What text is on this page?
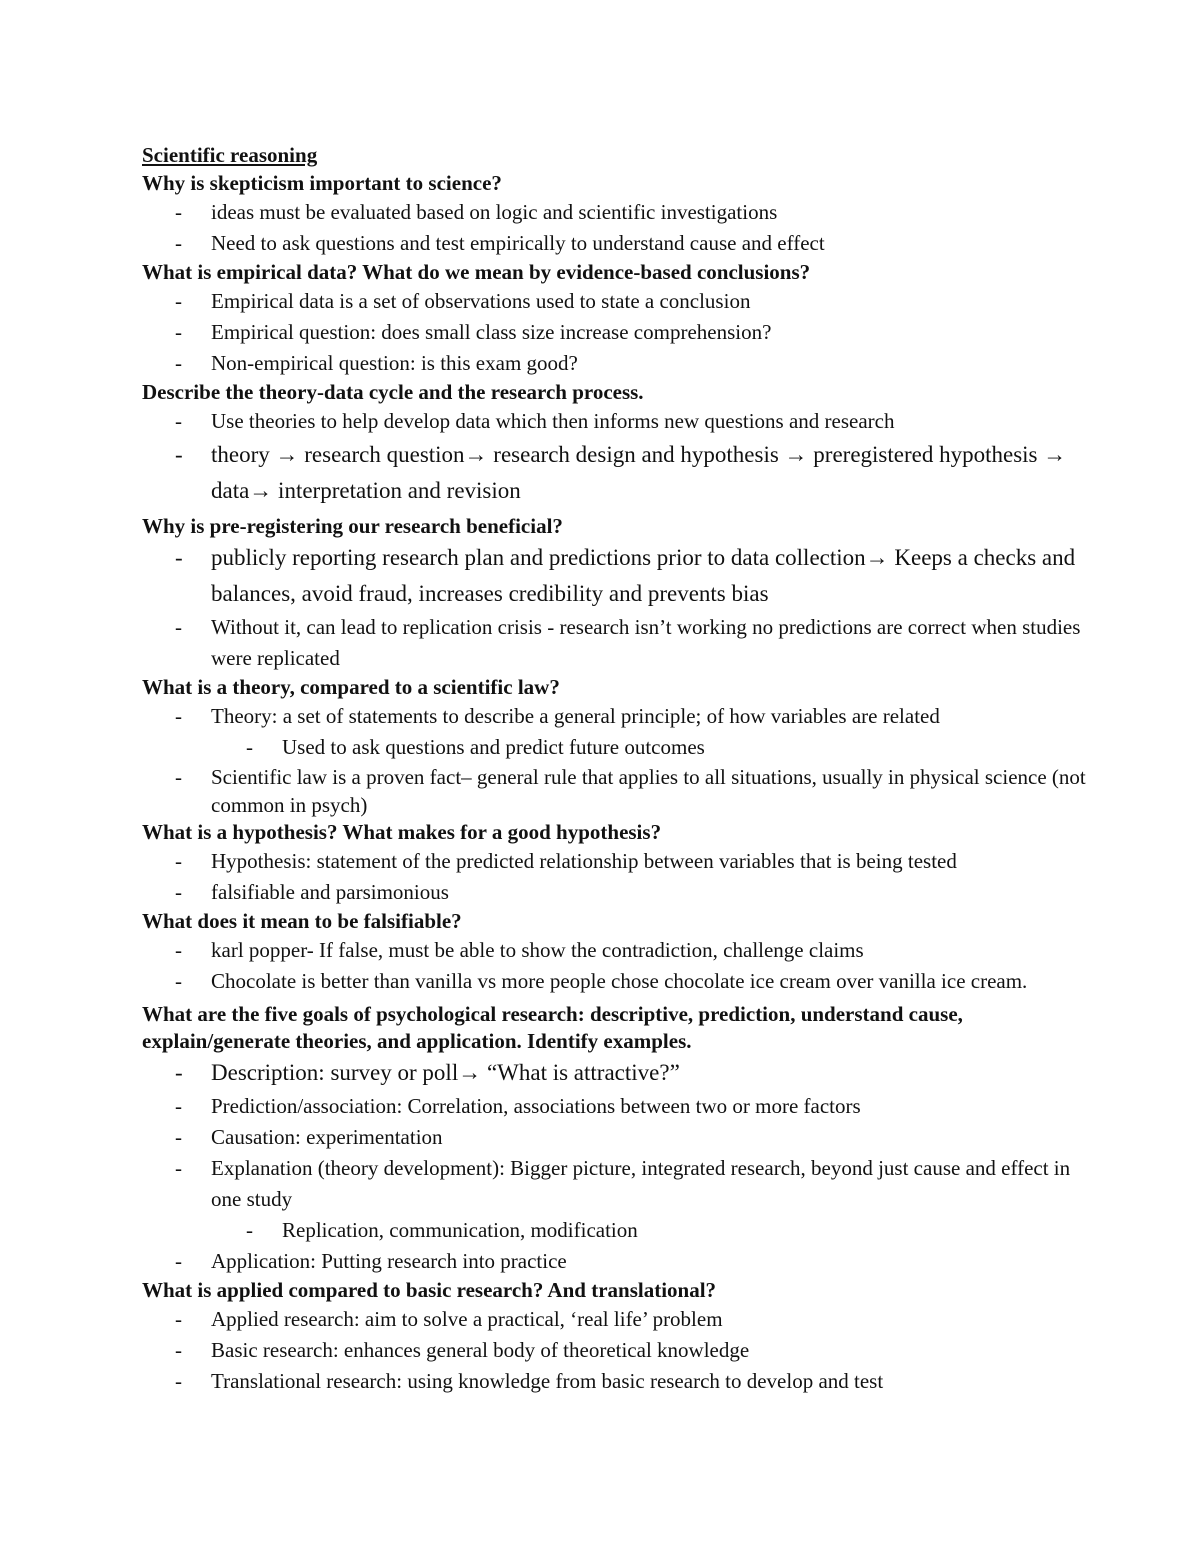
Scientific reasoning
Why is skepticism important to science?
- ideas must be evaluated based on logic and scientific investigations
- Need to ask questions and test empirically to understand cause and effect
What is empirical data? What do we mean by evidence-based conclusions?
- Empirical data is a set of observations used to state a conclusion
- Empirical question: does small class size increase comprehension?
- Non-empirical question: is this exam good?
Describe the theory-data cycle and the research process.
- Use theories to help develop data which then informs new questions and research
- theory → research question→ research design and hypothesis → preregistered hypothesis → data→ interpretation and revision
Why is pre-registering our research beneficial?
- publicly reporting research plan and predictions prior to data collection→ Keeps a checks and balances, avoid fraud, increases credibility and prevents bias
- Without it, can lead to replication crisis - research isn’t working no predictions are correct when studies were replicated
What is a theory, compared to a scientific law?
- Theory: a set of statements to describe a general principle; of how variables are related
- Used to ask questions and predict future outcomes
- Scientific law is a proven fact– general rule that applies to all situations, usually in physical science (not common in psych)
What is a hypothesis? What makes for a good hypothesis?
- Hypothesis: statement of the predicted relationship between variables that is being tested
- falsifiable and parsimonious
What does it mean to be falsifiable?
- karl popper- If false, must be able to show the contradiction, challenge claims
- Chocolate is better than vanilla vs more people chose chocolate ice cream over vanilla ice cream.
What are the five goals of psychological research: descriptive, prediction, understand cause, explain/generate theories, and application. Identify examples.
- Description: survey or poll→ “What is attractive?”
- Prediction/association: Correlation, associations between two or more factors
- Causation: experimentation
- Explanation (theory development): Bigger picture, integrated research, beyond just cause and effect in one study
- Replication, communication, modification
- Application: Putting research into practice
What is applied compared to basic research? And translational?
- Applied research: aim to solve a practical, ‘real life’ problem
- Basic research: enhances general body of theoretical knowledge
- Translational research: using knowledge from basic research to develop and test
